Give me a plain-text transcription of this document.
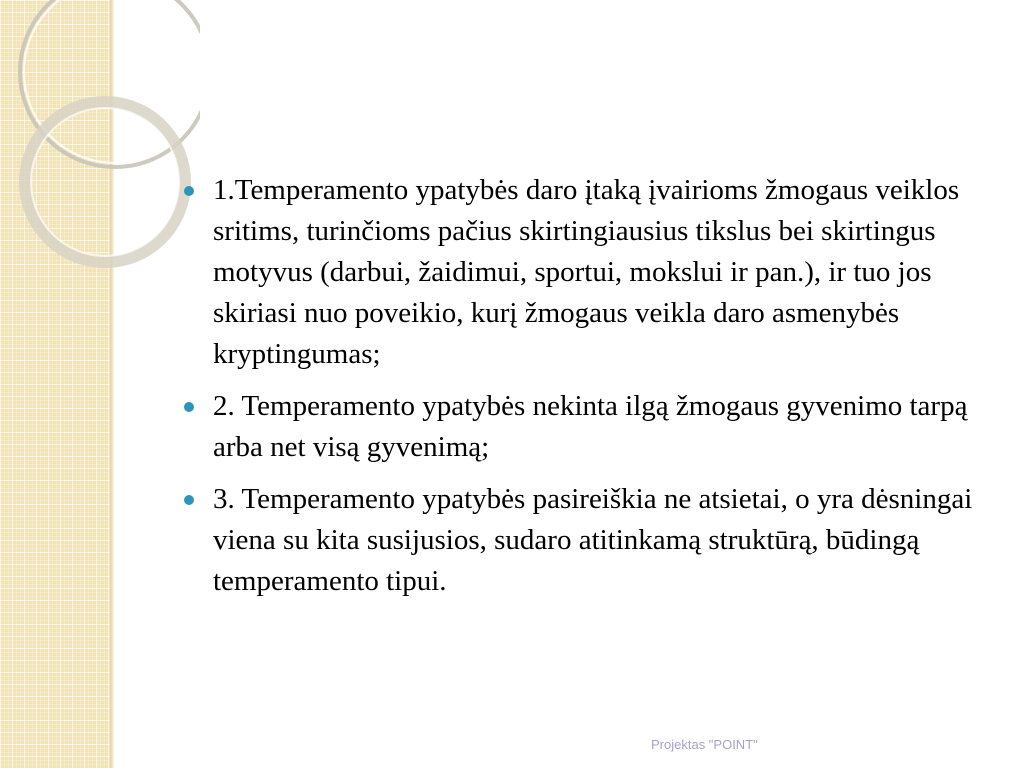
1.Temperamento ypatybės daro įtaką įvairioms žmogaus veiklos sritims, turinčioms pačius skirtingiausius tikslus bei skirtingus motyvus (darbui, žaidimui, sportui, mokslui ir pan.), ir tuo jos skiriasi nuo poveikio, kurį žmogaus veikla daro asmenybės kryptingumas;
2. Temperamento ypatybės nekinta ilgą žmogaus gyvenimo tarpą arba net visą gyvenimą;
3. Temperamento ypatybės pasireiškia ne atsietai, o yra dėsningai viena su kita susijusios, sudaro atitinkamą struktūrą, būdingą temperamento tipui.
Projektas "POINT"
